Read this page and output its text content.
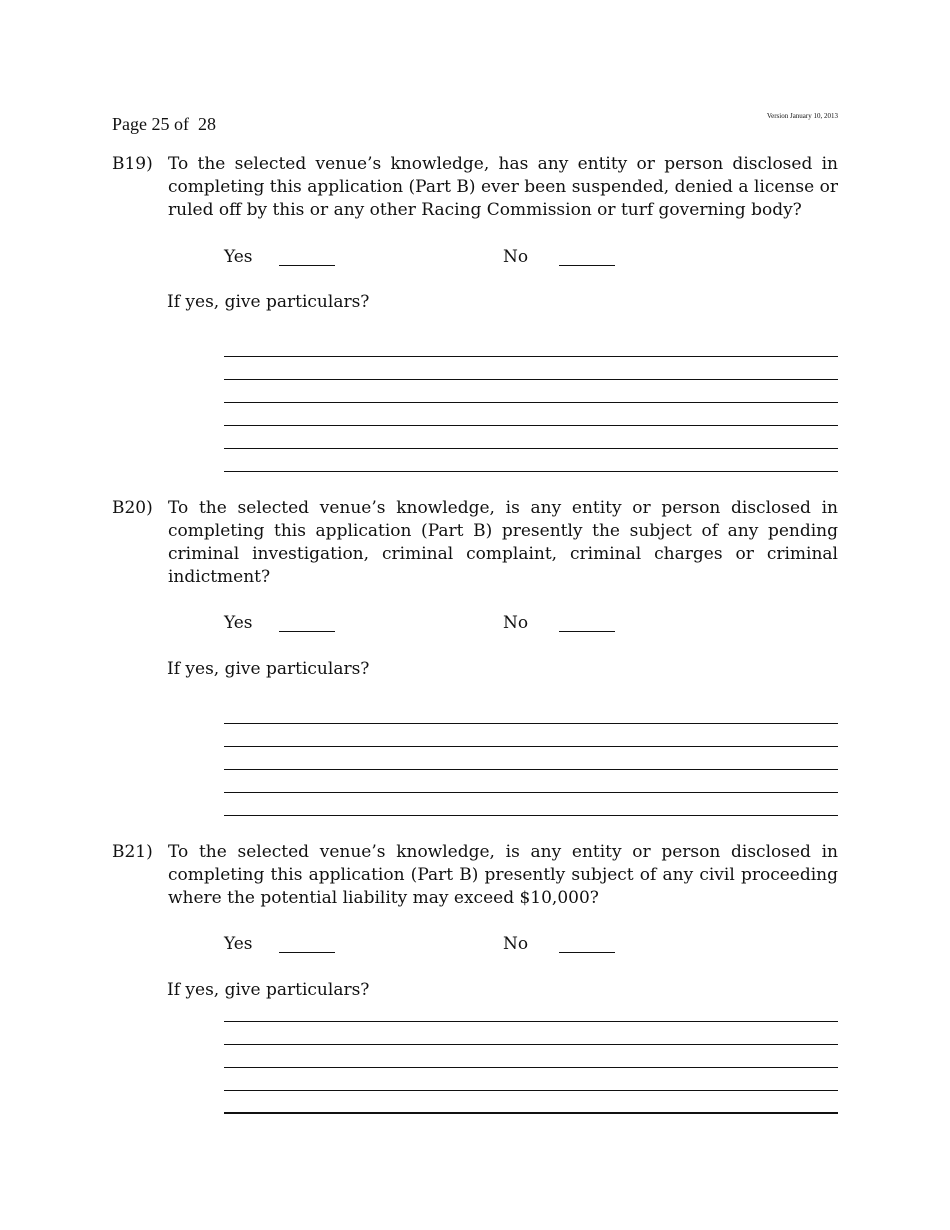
Version January 10, 2013
Page 25 of  28
B19) To the selected venue’s knowledge, has any entity or person disclosed in completing this application (Part B) ever been suspended, denied a license or ruled off by this or any other Racing Commission or turf governing body?
Yes	No
If yes, give particulars?
B20) To the selected venue’s knowledge, is any entity or person disclosed in completing this application (Part B) presently the subject of any pending criminal investigation, criminal complaint, criminal charges or criminal indictment?
Yes	No
If yes, give particulars?
B21) To the selected venue’s knowledge, is any entity or person disclosed in completing this application (Part B) presently subject of any civil proceeding where the potential liability may exceed $10,000?
Yes	No
If yes, give particulars?
